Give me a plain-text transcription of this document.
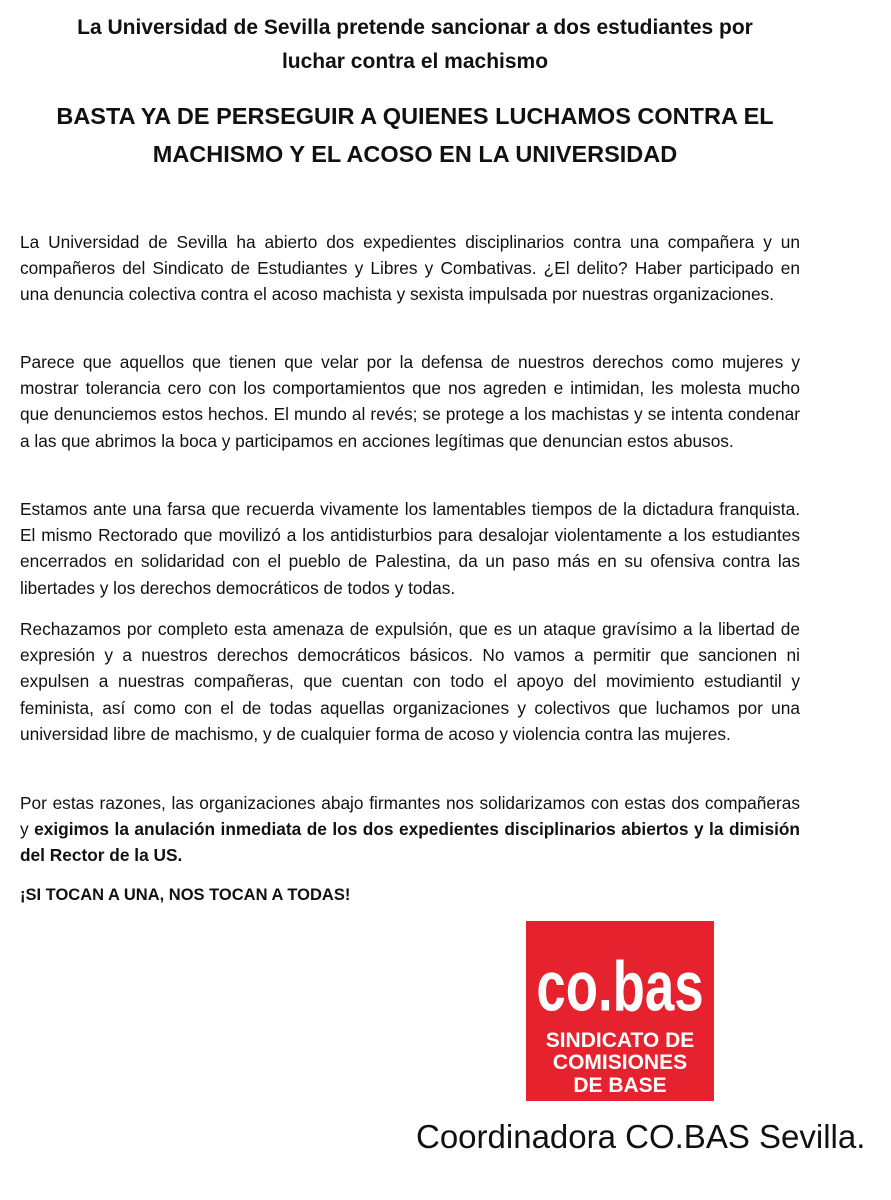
La Universidad de Sevilla pretende sancionar a dos estudiantes por
luchar contra el machismo
BASTA YA DE PERSEGUIR A QUIENES LUCHAMOS CONTRA EL
MACHISMO Y EL ACOSO EN LA UNIVERSIDAD

La Universidad de Sevilla ha abierto dos expedientes disciplinarios contra una compañera y un compañeros del Sindicato de Estudiantes y Libres y Combativas. ¿El delito? Haber participado en una denuncia colectiva contra el acoso machista y sexista impulsada por nuestras organizaciones.

Parece que aquellos que tienen que velar por la defensa de nuestros derechos como mujeres y mostrar tolerancia cero con los comportamientos que nos agreden e intimidan, les molesta mucho que denunciemos estos hechos. El mundo al revés; se protege a los machistas y se intenta condenar a las que abrimos la boca y participamos en acciones legítimas que denuncian estos abusos.

Estamos ante una farsa que recuerda vivamente los lamentables tiempos de la dictadura franquista. El mismo Rectorado que movilizó a los antidisturbios para desalojar violentamente a los estudiantes encerrados en solidaridad con el pueblo de Palestina, da un paso más en su ofensiva contra las libertades y los derechos democráticos de todos y todas.

Rechazamos por completo esta amenaza de expulsión, que es un ataque gravísimo a la libertad de expresión y a nuestros derechos democráticos básicos. No vamos a permitir que sancionen ni expulsen a nuestras compañeras, que cuentan con todo el apoyo del movimiento estudiantil y feminista, así como con el de todas aquellas organizaciones y colectivos que luchamos por una universidad libre de machismo, y de cualquier forma de acoso y violencia contra las mujeres.

Por estas razones, las organizaciones abajo firmantes nos solidarizamos con estas dos compañeras y exigimos la anulación inmediata de los dos expedientes disciplinarios abiertos y la dimisión del Rector de la US.

¡SI TOCAN A UNA, NOS TOCAN A TODAS!

co.bas
SINDICATO DE
COMISIONES
DE BASE
Coordinadora CO.BAS Sevilla.
